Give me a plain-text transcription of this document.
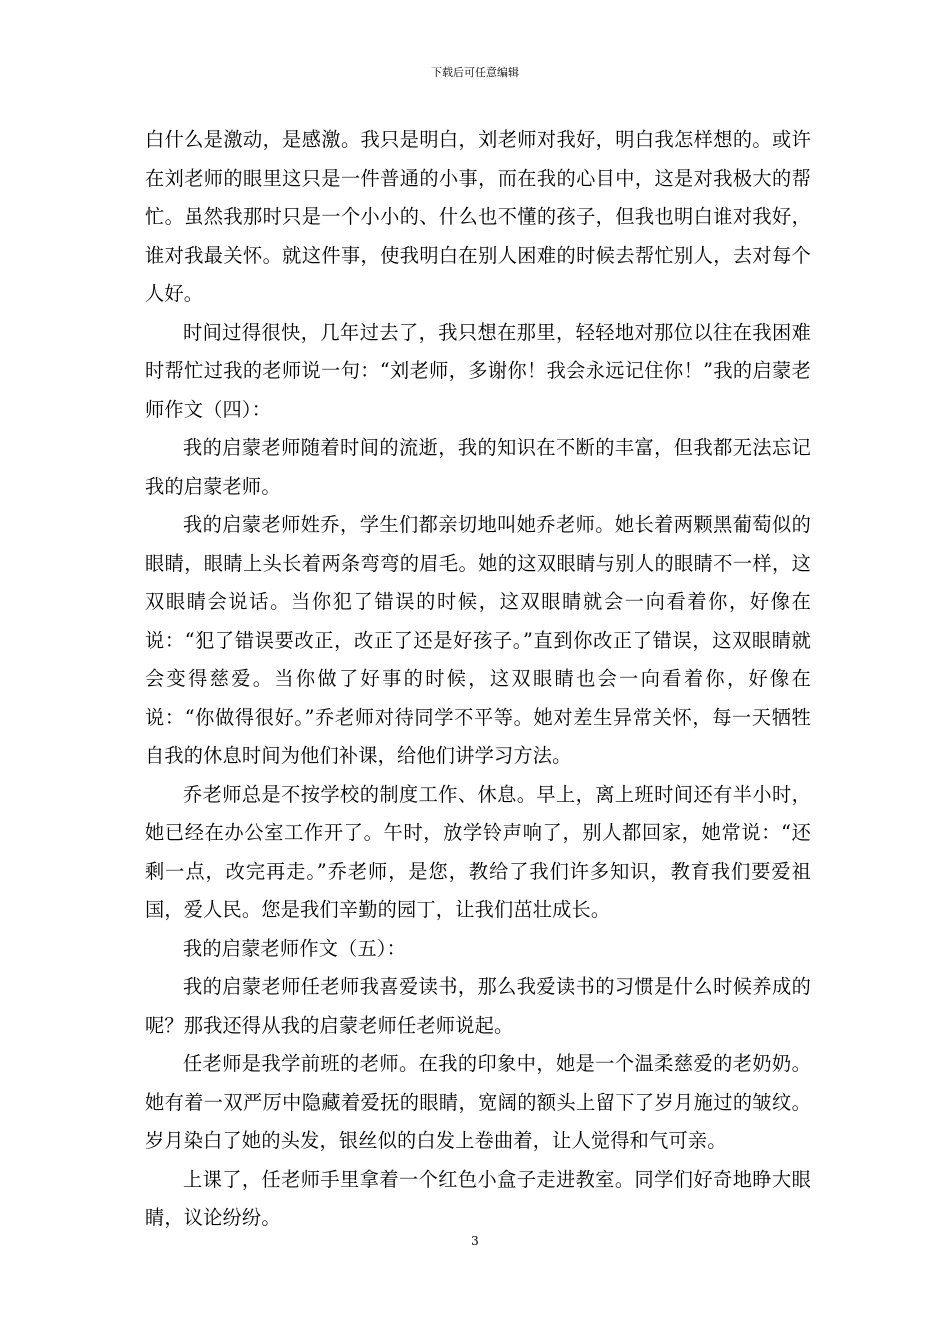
下载后可任意编辑

白什么是激动，是感激。我只是明白，刘老师对我好，明白我怎样想的。或许在刘老师的眼里这只是一件普通的小事，而在我的心目中，这是对我极大的帮忙。虽然我那时只是一个小小的、什么也不懂的孩子，但我也明白谁对我好，谁对我最关怀。就这件事，使我明白在别人困难的时候去帮忙别人，去对每个人好。

时间过得很快，几年过去了，我只想在那里，轻轻地对那位以往在我困难时帮忙过我的老师说一句：“刘老师，多谢你！我会永远记住你！”我的启蒙老师作文（四）：

我的启蒙老师随着时间的流逝，我的知识在不断的丰富，但我都无法忘记我的启蒙老师。

我的启蒙老师姓乔，学生们都亲切地叫她乔老师。她长着两颗黑葡萄似的眼睛，眼睛上头长着两条弯弯的眉毛。她的这双眼睛与别人的眼睛不一样，这双眼睛会说话。当你犯了错误的时候，这双眼睛就会一向看着你，好像在说：“犯了错误要改正，改正了还是好孩子。”直到你改正了错误，这双眼睛就会变得慈爱。当你做了好事的时候，这双眼睛也会一向看着你，好像在说：“你做得很好。”乔老师对待同学不平等。她对差生异常关怀，每一天牺牲自我的休息时间为他们补课，给他们讲学习方法。

乔老师总是不按学校的制度工作、休息。早上，离上班时间还有半小时，她已经在办公室工作开了。午时，放学铃声响了，别人都回家，她常说：“还剩一点，改完再走。”乔老师，是您，教给了我们许多知识，教育我们要爱祖国，爱人民。您是我们辛勤的园丁，让我们茁壮成长。

我的启蒙老师作文（五）：

我的启蒙老师任老师我喜爱读书，那么我爱读书的习惯是什么时候养成的呢？那我还得从我的启蒙老师任老师说起。

任老师是我学前班的老师。在我的印象中，她是一个温柔慈爱的老奶奶。她有着一双严厉中隐藏着爱抚的眼睛，宽阔的额头上留下了岁月施过的皱纹。岁月染白了她的头发，银丝似的白发上卷曲着，让人觉得和气可亲。

上课了，任老师手里拿着一个红色小盒子走进教室。同学们好奇地睁大眼睛，议论纷纷。

3
